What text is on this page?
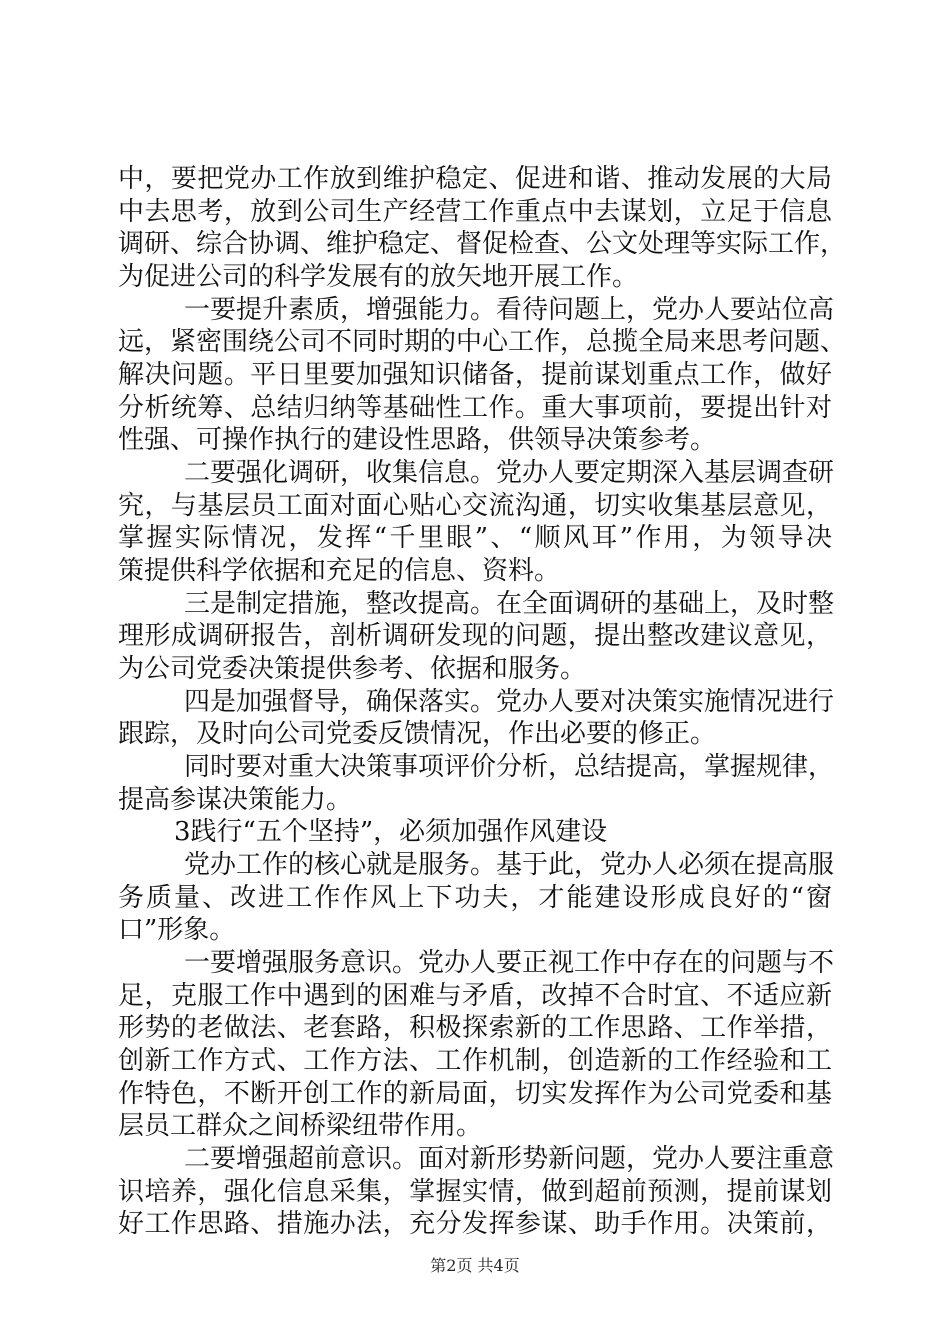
中，要把党办工作放到维护稳定、促进和谐、推动发展的大局
中去思考，放到公司生产经营工作重点中去谋划，立足于信息
调研、综合协调、维护稳定、督促检查、公文处理等实际工作，
为促进公司的科学发展有的放矢地开展工作。
一要提升素质，增强能力。看待问题上，党办人要站位高
远，紧密围绕公司不同时期的中心工作，总揽全局来思考问题、
解决问题。平日里要加强知识储备，提前谋划重点工作，做好
分析统筹、总结归纳等基础性工作。重大事项前，要提出针对
性强、可操作执行的建设性思路，供领导决策参考。
二要强化调研，收集信息。党办人要定期深入基层调查研
究，与基层员工面对面心贴心交流沟通，切实收集基层意见，
掌握实际情况，发挥“千里眼”、“顺风耳”作用，为领导决
策提供科学依据和充足的信息、资料。
三是制定措施，整改提高。在全面调研的基础上，及时整
理形成调研报告，剖析调研发现的问题，提出整改建议意见，
为公司党委决策提供参考、依据和服务。
四是加强督导，确保落实。党办人要对决策实施情况进行
跟踪，及时向公司党委反馈情况，作出必要的修正。
同时要对重大决策事项评价分析，总结提高，掌握规律，
提高参谋决策能力。
3践行“五个坚持”，必须加强作风建设
党办工作的核心就是服务。基于此，党办人必须在提高服
务质量、改进工作作风上下功夫，才能建设形成良好的“窗
口”形象。
一要增强服务意识。党办人要正视工作中存在的问题与不
足，克服工作中遇到的困难与矛盾，改掉不合时宜、不适应新
形势的老做法、老套路，积极探索新的工作思路、工作举措，
创新工作方式、工作方法、工作机制，创造新的工作经验和工
作特色，不断开创工作的新局面，切实发挥作为公司党委和基
层员工群众之间桥梁纽带作用。
二要增强超前意识。面对新形势新问题，党办人要注重意
识培养，强化信息采集，掌握实情，做到超前预测，提前谋划
好工作思路、措施办法，充分发挥参谋、助手作用。决策前，
第2页 共4页
